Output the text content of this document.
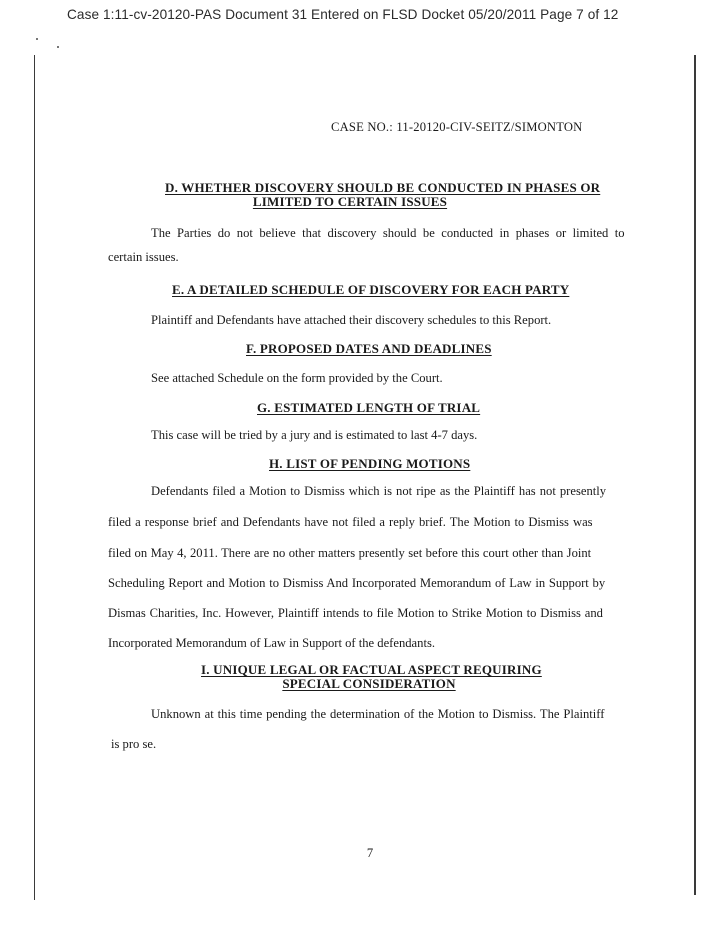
Case 1:11-cv-20120-PAS Document 31 Entered on FLSD Docket 05/20/2011 Page 7 of 12
CASE NO.: 11-20120-CIV-SEITZ/SIMONTON
D. WHETHER DISCOVERY SHOULD BE CONDUCTED IN PHASES OR
LIMITED TO CERTAIN ISSUES
The Parties do not believe that discovery should be conducted in phases or limited to
certain issues.
E. A DETAILED SCHEDULE OF DISCOVERY FOR EACH PARTY
Plaintiff and Defendants have attached their discovery schedules to this Report.
F. PROPOSED DATES AND DEADLINES
See attached Schedule on the form provided by the Court.
G. ESTIMATED LENGTH OF TRIAL
This case will be tried by a jury and is estimated to last 4-7 days.
H. LIST OF PENDING MOTIONS
Defendants filed a Motion to Dismiss which is not ripe as the Plaintiff has not presently
filed a response brief and Defendants have not filed a reply brief. The Motion to Dismiss was
filed on May 4, 2011. There are no other matters presently set before this court other than Joint
Scheduling Report and Motion to Dismiss And Incorporated Memorandum of Law in Support by
Dismas Charities, Inc. However, Plaintiff intends to file Motion to Strike Motion to Dismiss and
Incorporated Memorandum of Law in Support of the defendants.
I. UNIQUE LEGAL OR FACTUAL ASPECT REQUIRING
SPECIAL CONSIDERATION
Unknown at this time pending the determination of the Motion to Dismiss. The Plaintiff
is pro se.
7
